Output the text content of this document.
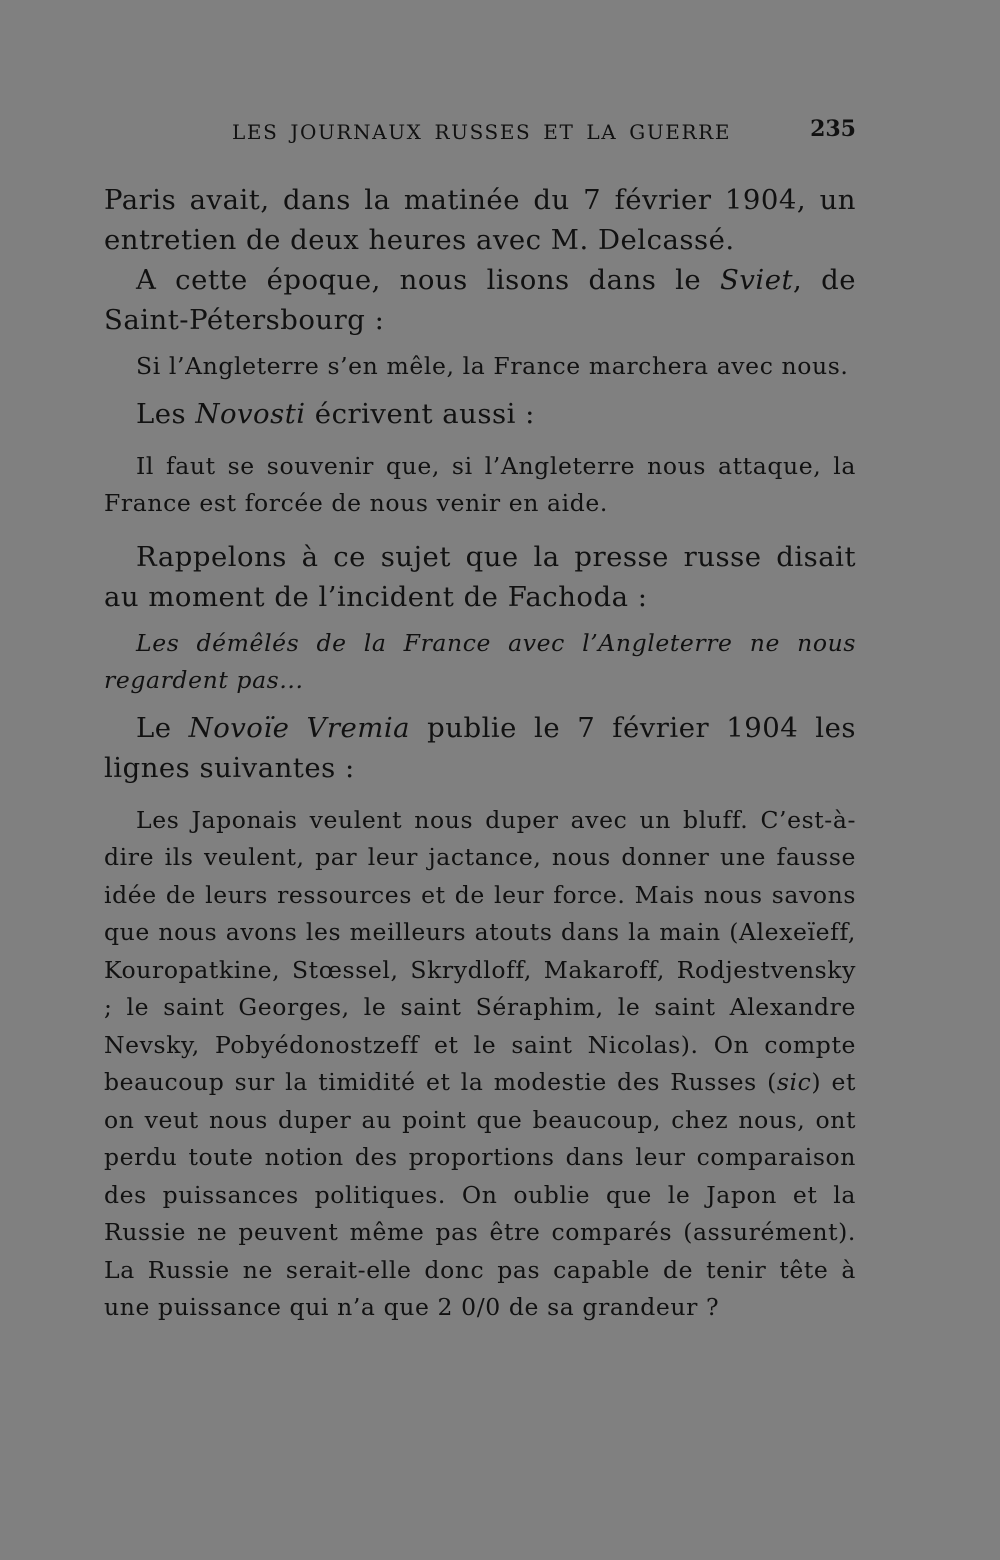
LES JOURNAUX RUSSES ET LA GUERRE	235

Paris avait, dans la matinée du 7 février 1904, un entretien de deux heures avec M. Delcassé.

A cette époque, nous lisons dans le Sviet, de Saint-Pétersbourg :

Si l’Angleterre s’en mêle, la France marchera avec nous.

Les Novosti écrivent aussi :

Il faut se souvenir que, si l’Angleterre nous attaque, la France est forcée de nous venir en aide.

Rappelons à ce sujet que la presse russe disait au moment de l’incident de Fachoda :

Les démêlés de la France avec l’Angleterre ne nous regardent pas...

Le Novoïe Vremia publie le 7 février 1904 les lignes suivantes :

Les Japonais veulent nous duper avec un bluff. C’est-à-dire ils veulent, par leur jactance, nous donner une fausse idée de leurs ressources et de leur force. Mais nous savons que nous avons les meilleurs atouts dans la main (Alexeïeff, Kouropatkine, Stœssel, Skrydloff, Makaroff, Rodjestvensky ; le saint Georges, le saint Séraphim, le saint Alexandre Nevsky, Pobyédonostzeff et le saint Nicolas). On compte beaucoup sur la timidité et la modestie des Russes (sic) et on veut nous duper au point que beaucoup, chez nous, ont perdu toute notion des proportions dans leur comparaison des puissances politiques. On oublie que le Japon et la Russie ne peuvent même pas être comparés (assurément). La Russie ne serait-elle donc pas capable de tenir tête à une puissance qui n’a que 2 0/0 de sa grandeur ?
